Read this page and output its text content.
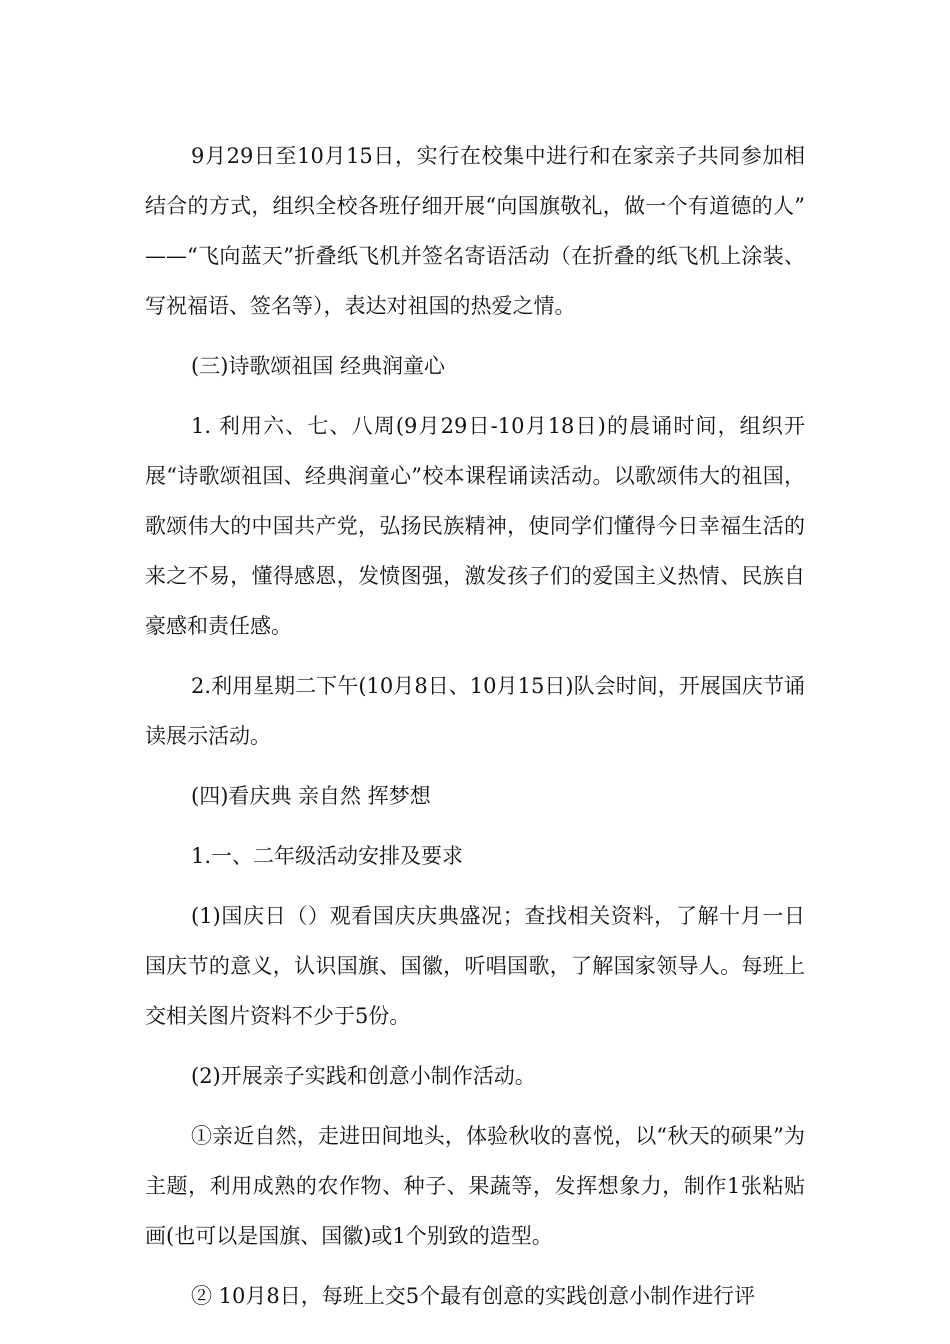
9月29日至10月15日，实行在校集中进行和在家亲子共同参加相结合的方式，组织全校各班仔细开展“向国旗敬礼，做一个有道德的人” ——“飞向蓝天”折叠纸飞机并签名寄语活动（在折叠的纸飞机上涂装、写祝福语、签名等），表达对祖国的热爱之情。

(三)诗歌颂祖国 经典润童心

1. 利用六、七、八周(9月29日-10月18日)的晨诵时间，组织开展“诗歌颂祖国、经典润童心”校本课程诵读活动。以歌颂伟大的祖国，歌颂伟大的中国共产党，弘扬民族精神，使同学们懂得今日幸福生活的来之不易，懂得感恩，发愤图强，激发孩子们的爱国主义热情、民族自豪感和责任感。

2.利用星期二下午(10月8日、10月15日)队会时间，开展国庆节诵读展示活动。

(四)看庆典 亲自然 挥梦想

1.一、二年级活动安排及要求

(1)国庆日（）观看国庆庆典盛况；查找相关资料，了解十月一日国庆节的意义，认识国旗、国徽，听唱国歌，了解国家领导人。每班上交相关图片资料不少于5份。

(2)开展亲子实践和创意小制作活动。

①亲近自然，走进田间地头，体验秋收的喜悦，以“秋天的硕果”为主题，利用成熟的农作物、种子、果蔬等，发挥想象力，制作1张粘贴画(也可以是国旗、国徽)或1个别致的造型。

② 10月8日，每班上交5个最有创意的实践创意小制作进行评
